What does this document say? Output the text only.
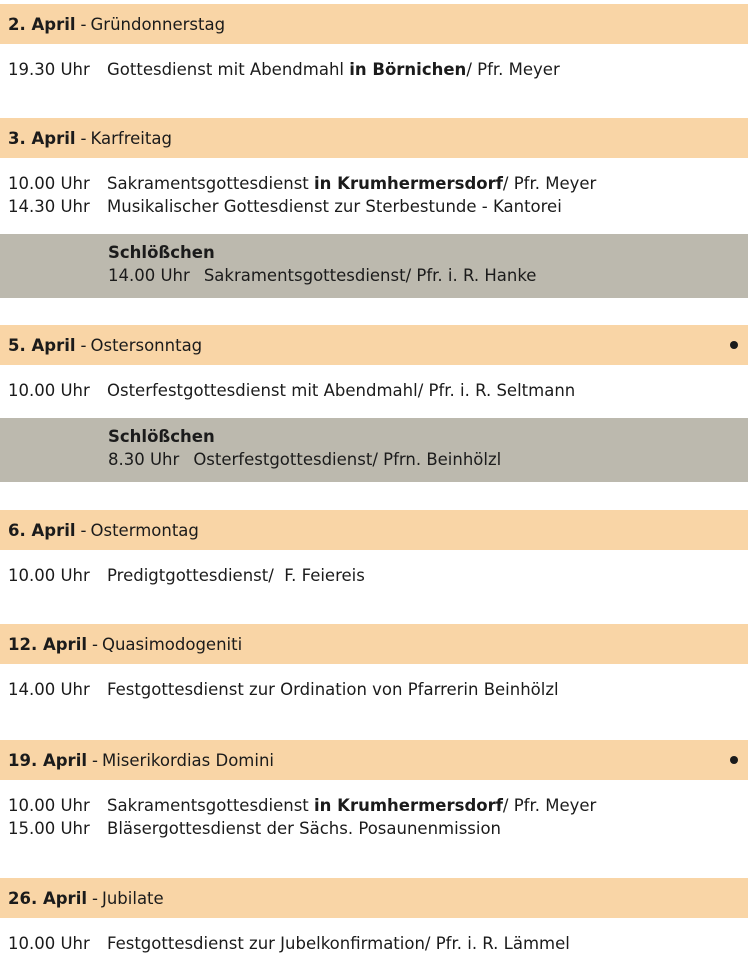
2. April - Gründonnerstag
19.30 Uhr Gottesdienst mit Abendmahl in Börnichen/ Pfr. Meyer
3. April - Karfreitag
10.00 Uhr Sakramentsgottesdienst in Krumhermersdorf/ Pfr. Meyer
14.30 Uhr Musikalischer Gottesdienst zur Sterbestunde - Kantorei
Schlößchen
14.00 Uhr Sakramentsgottesdienst/ Pfr. i. R. Hanke
5. April - Ostersonntag
10.00 Uhr Osterfestgottesdienst mit Abendmahl/ Pfr. i. R. Seltmann
Schlößchen
8.30 Uhr Osterfestgottesdienst/ Pfrn. Beinhölzl
6. April - Ostermontag
10.00 Uhr Predigtgottesdienst/  F. Feiereis
12. April - Quasimodogeniti
14.00 Uhr Festgottesdienst zur Ordination von Pfarrerin Beinhölzl
19. April - Miserikordias Domini
10.00 Uhr Sakramentsgottesdienst in Krumhermersdorf/ Pfr. Meyer
15.00 Uhr Bläsergottesdienst der Sächs. Posaunenmission
26. April - Jubilate
10.00 Uhr Festgottesdienst zur Jubelkonfirmation/ Pfr. i. R. Lämmel
